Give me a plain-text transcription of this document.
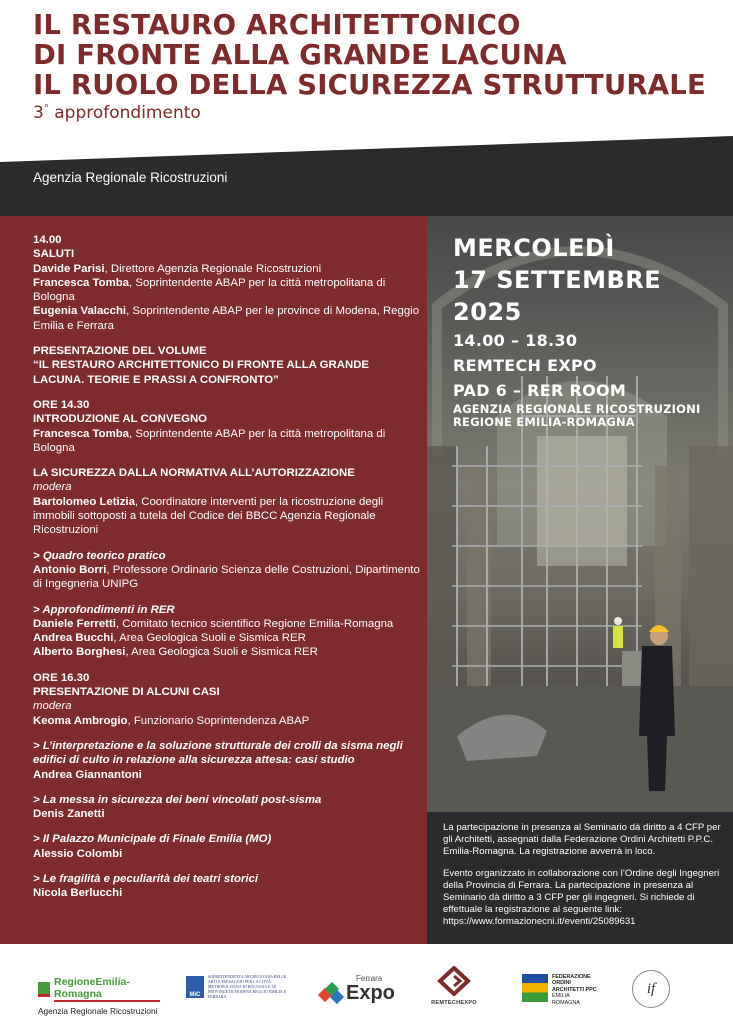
IL RESTAURO ARCHITETTONICO
DI FRONTE ALLA GRANDE LACUNA
IL RUOLO DELLA SICUREZZA STRUTTURALE
3° approfondimento
Agenzia Regionale Ricostruzioni

14.00

SALUTI

Davide Parisi, Direttore Agenzia Regionale Ricostruzioni

Francesca Tomba, Soprintendente ABAP per la città metropolitana di Bologna

Eugenia Valacchi, Soprintendente ABAP per le province di Modena, Reggio Emilia e Ferrara

PRESENTAZIONE DEL VOLUME

“IL RESTAURO ARCHITETTONICO DI FRONTE ALLA GRANDE LACUNA. TEORIE E PRASSI A CONFRONTO”

ORE 14.30

INTRODUZIONE AL CONVEGNO

Francesca Tomba, Soprintendente ABAP per la città metropolitana di Bologna

LA SICUREZZA DALLA NORMATIVA ALL’AUTORIZZAZIONE

modera

Bartolomeo Letizia, Coordinatore interventi per la ricostruzione degli immobili sottoposti a tutela del Codice dei BBCC Agenzia Regionale Ricostruzioni

> Quadro teorico pratico

Antonio Borri, Professore Ordinario Scienza delle Costruzioni, Dipartimento di Ingegneria UNIPG

> Approfondimenti in RER

Daniele Ferretti, Comitato tecnico scientifico Regione Emilia-Romagna

Andrea Bucchi, Area Geologica Suoli e Sismica RER

Alberto Borghesi, Area Geologica Suoli e Sismica RER

ORE 16.30

PRESENTAZIONE DI ALCUNI CASI

modera

Keoma Ambrogio, Funzionario Soprintendenza ABAP

> L’interpretazione e la soluzione strutturale dei crolli da sisma negli edifici di culto in relazione alla sicurezza attesa: casi studio

Andrea Giannantoni

> La messa in sicurezza dei beni vincolati post-sisma

Denis Zanetti

> Il Palazzo Municipale di Finale Emilia (MO)

Alessio Colombi

> Le fragilità e peculiarità dei teatri storici

Nicola Berlucchi

MERCOLEDÌ
17 SETTEMBRE 2025
14.00 – 18.30
REMTECH EXPO
PAD 6 – RER ROOM
AGENZIA REGIONALE RICOSTRUZIONI
REGIONE EMILIA-ROMAGNA

La partecipazione in presenza al Seminario dà diritto a 4 CFP per gli Architetti, assegnati dalla Federazione Ordini Architetti P.P.C. Emilia-Romagna. La registrazione avverrà in loco.

Evento organizzato in collaborazione con l’Ordine degli Ingegneri della Provincia di Ferrara. La partecipazione in presenza al Seminario dà diritto a 3 CFP per gli ingegneri. Si richiede di effettuale la registrazione al seguente link: https://www.formazionecni.it/eventi/25089631

RegioneEmilia-Romagna
Agenzia Regionale Ricostruzioni
MiC
SOPRINTENDENZA ARCHEOLOGIA BELLE ARTI E PAESAGGIO PER LA CITTÀ METROPOLITANA DI BOLOGNA E LE PROVINCE DI MODENA REGGIO EMILIA E FERRARA
Ferrara
Expo	REMTECHEXPO
FEDERAZIONE
ORDINI
ARCHITETTI PPC
EMILIA
ROMAGNA
if
